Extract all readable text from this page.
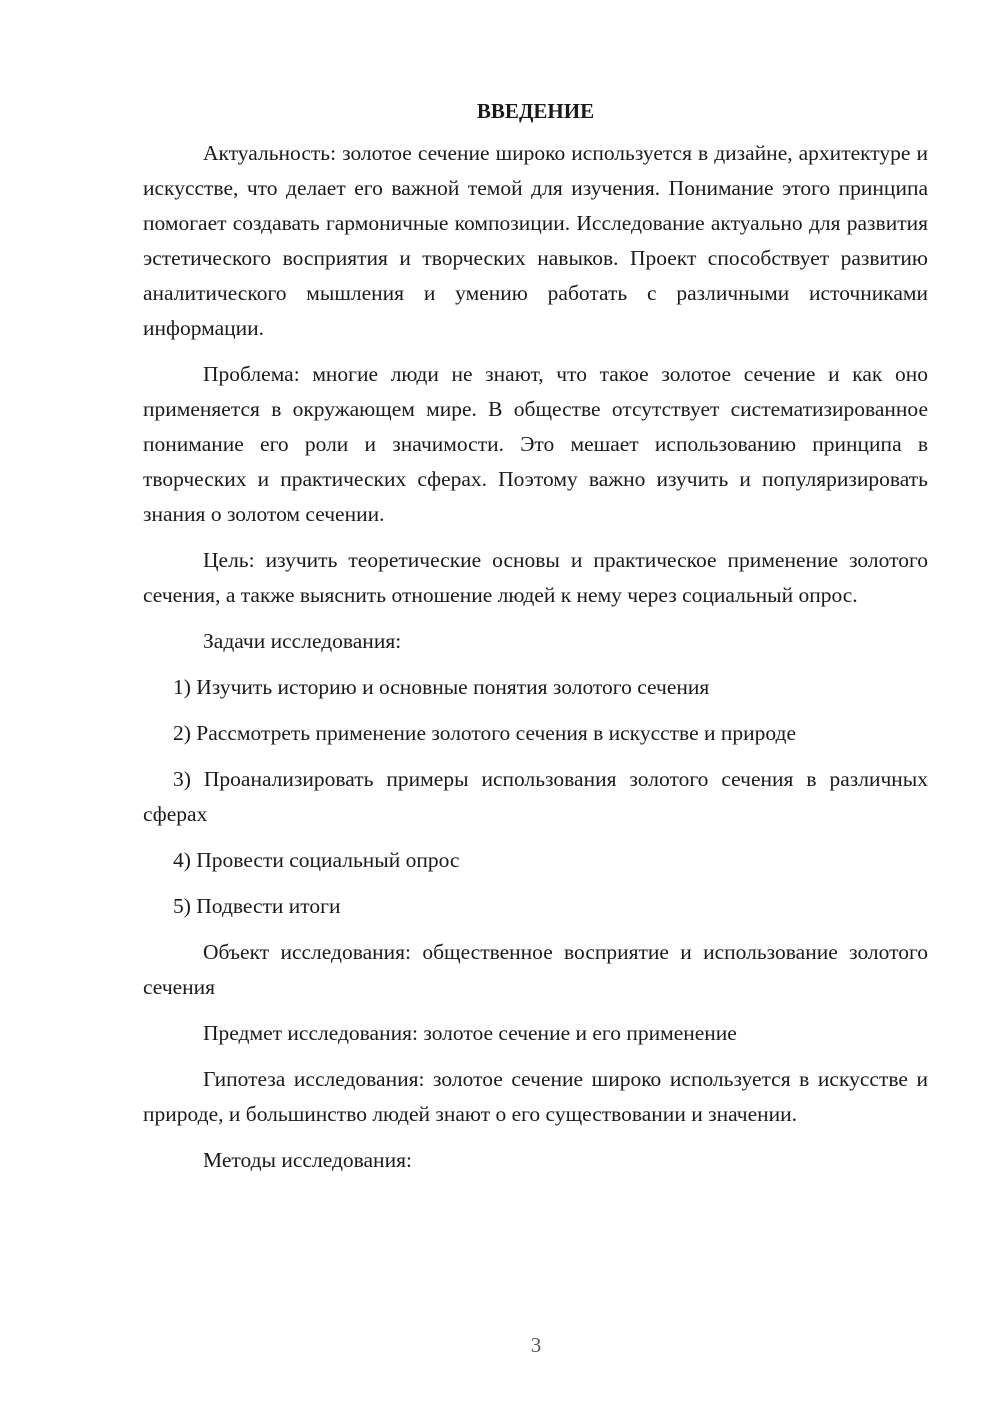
ВВЕДЕНИЕ

Актуальность: золотое сечение широко используется в дизайне, архитектуре и искусстве, что делает его важной темой для изучения. Понимание этого принципа помогает создавать гармоничные композиции. Исследование актуально для развития эстетического восприятия и творческих навыков. Проект способствует развитию аналитического мышления и умению работать с различными источниками информации.

Проблема: многие люди не знают, что такое золотое сечение и как оно применяется в окружающем мире. В обществе отсутствует систематизированное понимание его роли и значимости. Это мешает использованию принципа в творческих и практических сферах. Поэтому важно изучить и популяризировать знания о золотом сечении.

Цель: изучить теоретические основы и практическое применение золотого сечения, а также выяснить отношение людей к нему через социальный опрос.

Задачи исследования:

1) Изучить историю и основные понятия золотого сечения

2) Рассмотреть применение золотого сечения в искусстве и природе

3) Проанализировать примеры использования золотого сечения в различных сферах

4) Провести социальный опрос

5) Подвести итоги

Объект исследования: общественное восприятие и использование золотого сечения

Предмет исследования: золотое сечение и его применение

Гипотеза исследования: золотое сечение широко используется в искусстве и природе, и большинство людей знают о его существовании и значении.

Методы исследования:

3
